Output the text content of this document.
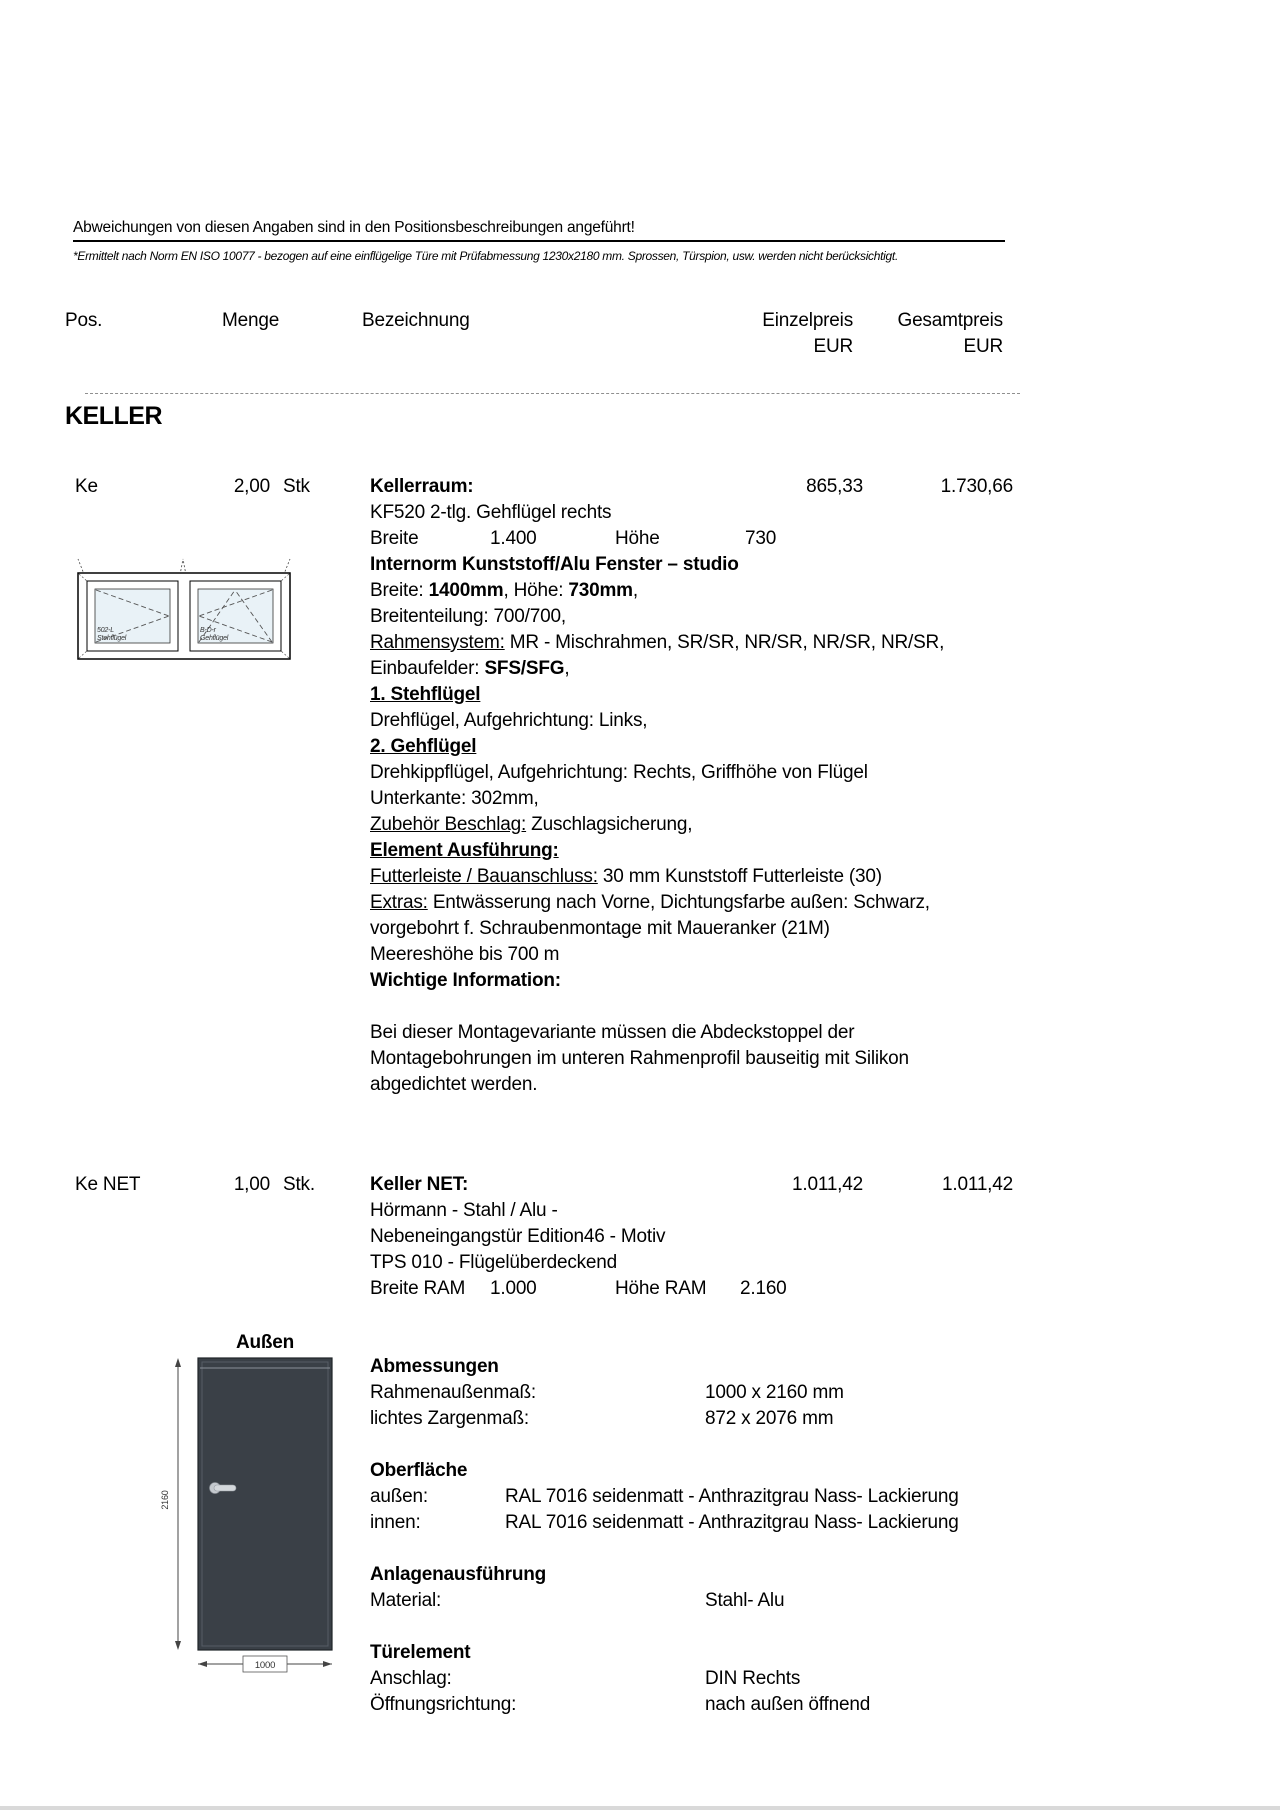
Abweichungen von diesen Angaben sind in den Positionsbeschreibungen angeführt!
*Ermittelt nach Norm EN ISO 10077 - bezogen auf eine einflügelige Türe mit Prüfabmessung 1230x2180 mm. Sprossen, Türspion, usw. werden nicht berücksichtigt.
Pos.	Menge	Bezeichnung	Einzelpreis	Gesamtpreis
EUR	EUR
KELLER
Ke	2,00 Stk	Kellerraum:	865,33	1.730,66
KF520 2-tlg. Gehflügel rechts
Breite	1.400	Höhe	730
Internorm Kunststoff/Alu Fenster – studio
Breite: 1400mm, Höhe: 730mm,
Breitenteilung: 700/700,
Rahmensystem: MR - Mischrahmen, SR/SR, NR/SR, NR/SR, NR/SR,
Einbaufelder: SFS/SFG,
1. Stehflügel
Drehflügel, Aufgehrichtung: Links,
2. Gehflügel
Drehkippflügel, Aufgehrichtung: Rechts, Griffhöhe von Flügel
Unterkante: 302mm,
Zubehör Beschlag: Zuschlagsicherung,
Element Ausführung:
Futterleiste / Bauanschluss: 30 mm Kunststoff Futterleiste (30)
Extras: Entwässerung nach Vorne, Dichtungsfarbe außen: Schwarz,
vorgebohrt f. Schraubenmontage mit Maueranker (21M)
Meereshöhe bis 700 m
Wichtige Information:
Bei dieser Montagevariante müssen die Abdeckstoppel der
Montagebohrungen im unteren Rahmenprofil bauseitig mit Silikon
abgedichtet werden.
502-L
Stehflügel
B-D-r
Gehflügel
Ke NET	1,00 Stk.	Keller NET:	1.011,42	1.011,42
Hörmann - Stahl / Alu -
Nebeneingangstür Edition46 - Motiv
TPS 010 - Flügelüberdeckend
Breite RAM 1.000	Höhe RAM 2.160
Abmessungen
Rahmenaußenmaß:	1000 x 2160 mm
lichtes Zargenmaß:	872 x 2076 mm
Oberfläche
außen:	RAL 7016 seidenmatt - Anthrazitgrau Nass- Lackierung
innen:	RAL 7016 seidenmatt - Anthrazitgrau Nass- Lackierung
Anlagenausführung
Material:	Stahl- Alu
Türelement
Anschlag:	DIN Rechts
Öffnungsrichtung:	nach außen öffnend
Außen
2160
1000
